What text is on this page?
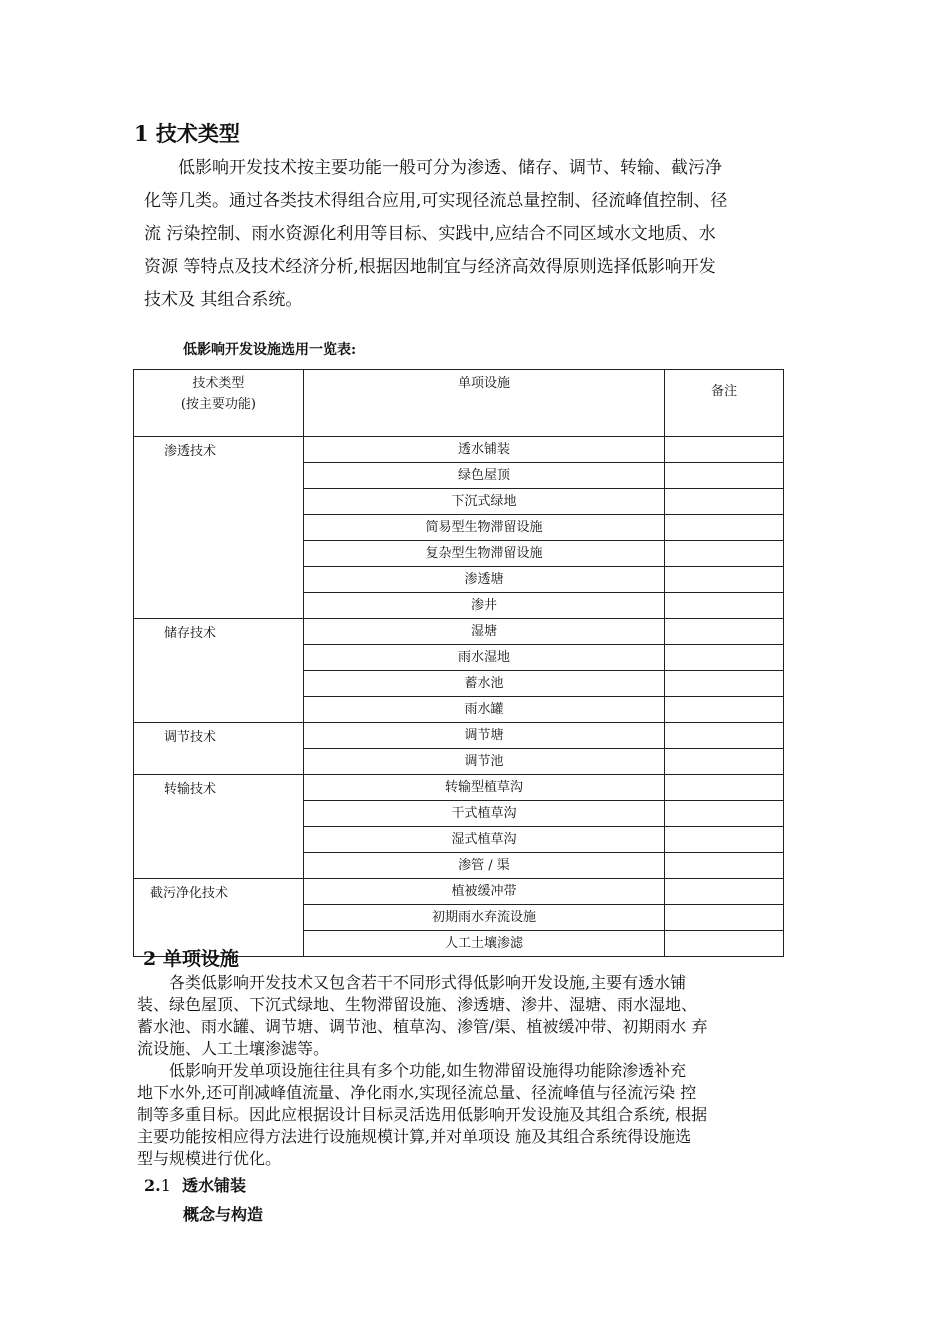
1 技术类型
　　低影响开发技术按主要功能一般可分为渗透、储存、调节、转输、截污净
化等几类。通过各类技术得组合应用,可实现径流总量控制、径流峰值控制、径
流 污染控制、雨水资源化利用等目标、实践中,应结合不同区域水文地质、水
资源 等特点及技术经济分析,根据因地制宜与经济高效得原则选择低影响开发
技术及 其组合系统。
低影响开发设施选用一览表:
技术类型
(按主要功能)	单项设施	备注

渗透技术	透水铺装	
	绿色屋顶	
	下沉式绿地	
	简易型生物滞留设施	
	复杂型生物滞留设施	
	渗透塘	
	渗井	
储存技术	湿塘	
	雨水湿地	
	蓄水池	
	雨水罐	
调节技术	调节塘	
	调节池	
转输技术	转输型植草沟	
	干式植草沟	
	湿式植草沟	
	渗管 / 渠	
截污净化技术	植被缓冲带	
	初期雨水弃流设施	
	人工土壤渗滤	
2 单项设施
　　各类低影响开发技术又包含若干不同形式得低影响开发设施,主要有透水铺
装、绿色屋顶、下沉式绿地、生物滞留设施、渗透塘、渗井、湿塘、雨水湿地、
蓄水池、雨水罐、调节塘、调节池、植草沟、渗管/渠、植被缓冲带、初期雨水 弃
流设施、人工土壤渗滤等。
　　低影响开发单项设施往往具有多个功能,如生物滞留设施得功能除渗透补充
地下水外,还可削减峰值流量、净化雨水,实现径流总量、径流峰值与径流污染 控
制等多重目标。因此应根据设计目标灵活选用低影响开发设施及其组合系统, 根据
主要功能按相应得方法进行设施规模计算,并对单项设 施及其组合系统得设施选
型与规模进行优化。
2.1 透水铺装
概念与构造
